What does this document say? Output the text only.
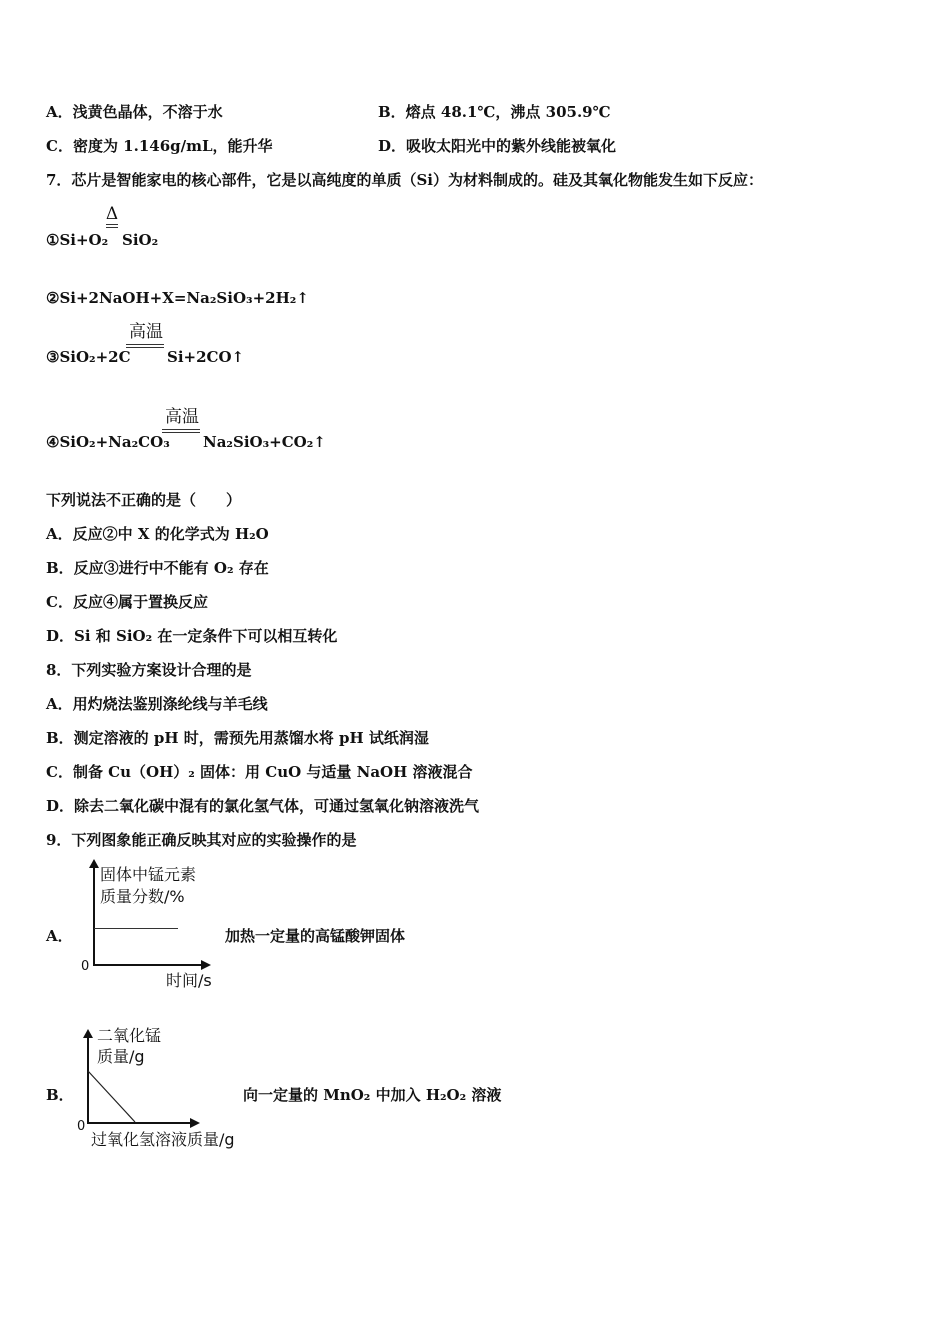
A．浅黄色晶体，不溶于水	B．熔点 48.1℃，沸点 305.9℃
C．密度为 1.146g/mL，能升华	D．吸收太阳光中的紫外线能被氧化
7．芯片是智能家电的核心部件，它是以高纯度的单质（Si）为材料制成的。硅及其氧化物能发生如下反应：
①Si+O₂
Δ
SiO₂
②Si+2NaOH+X=Na₂SiO₃+2H₂↑
③SiO₂+2C
高温
Si+2CO↑
④SiO₂+Na₂CO₃
高温
Na₂SiO₃+CO₂↑
下列说法不正确的是（　　）
A．反应②中 X 的化学式为 H₂O
B．反应③进行中不能有 O₂ 存在
C．反应④属于置换反应
D．Si 和 SiO₂ 在一定条件下可以相互转化
8．下列实验方案设计合理的是
A．用灼烧法鉴别涤纶线与羊毛线
B．测定溶液的 pH 时，需预先用蒸馏水将 pH 试纸润湿
C．制备 Cu（OH）₂ 固体：用 CuO 与适量 NaOH 溶液混合
D．除去二氧化碳中混有的氯化氢气体，可通过氢氧化钠溶液洗气
9．下列图象能正确反映其对应的实验操作的是
A．
固体中锰元素
质量分数/%
0
时间/s
加热一定量的高锰酸钾固体
B．
二氧化锰
质量/g
0
过氧化氢溶液质量/g
向一定量的 MnO₂ 中加入 H₂O₂ 溶液
